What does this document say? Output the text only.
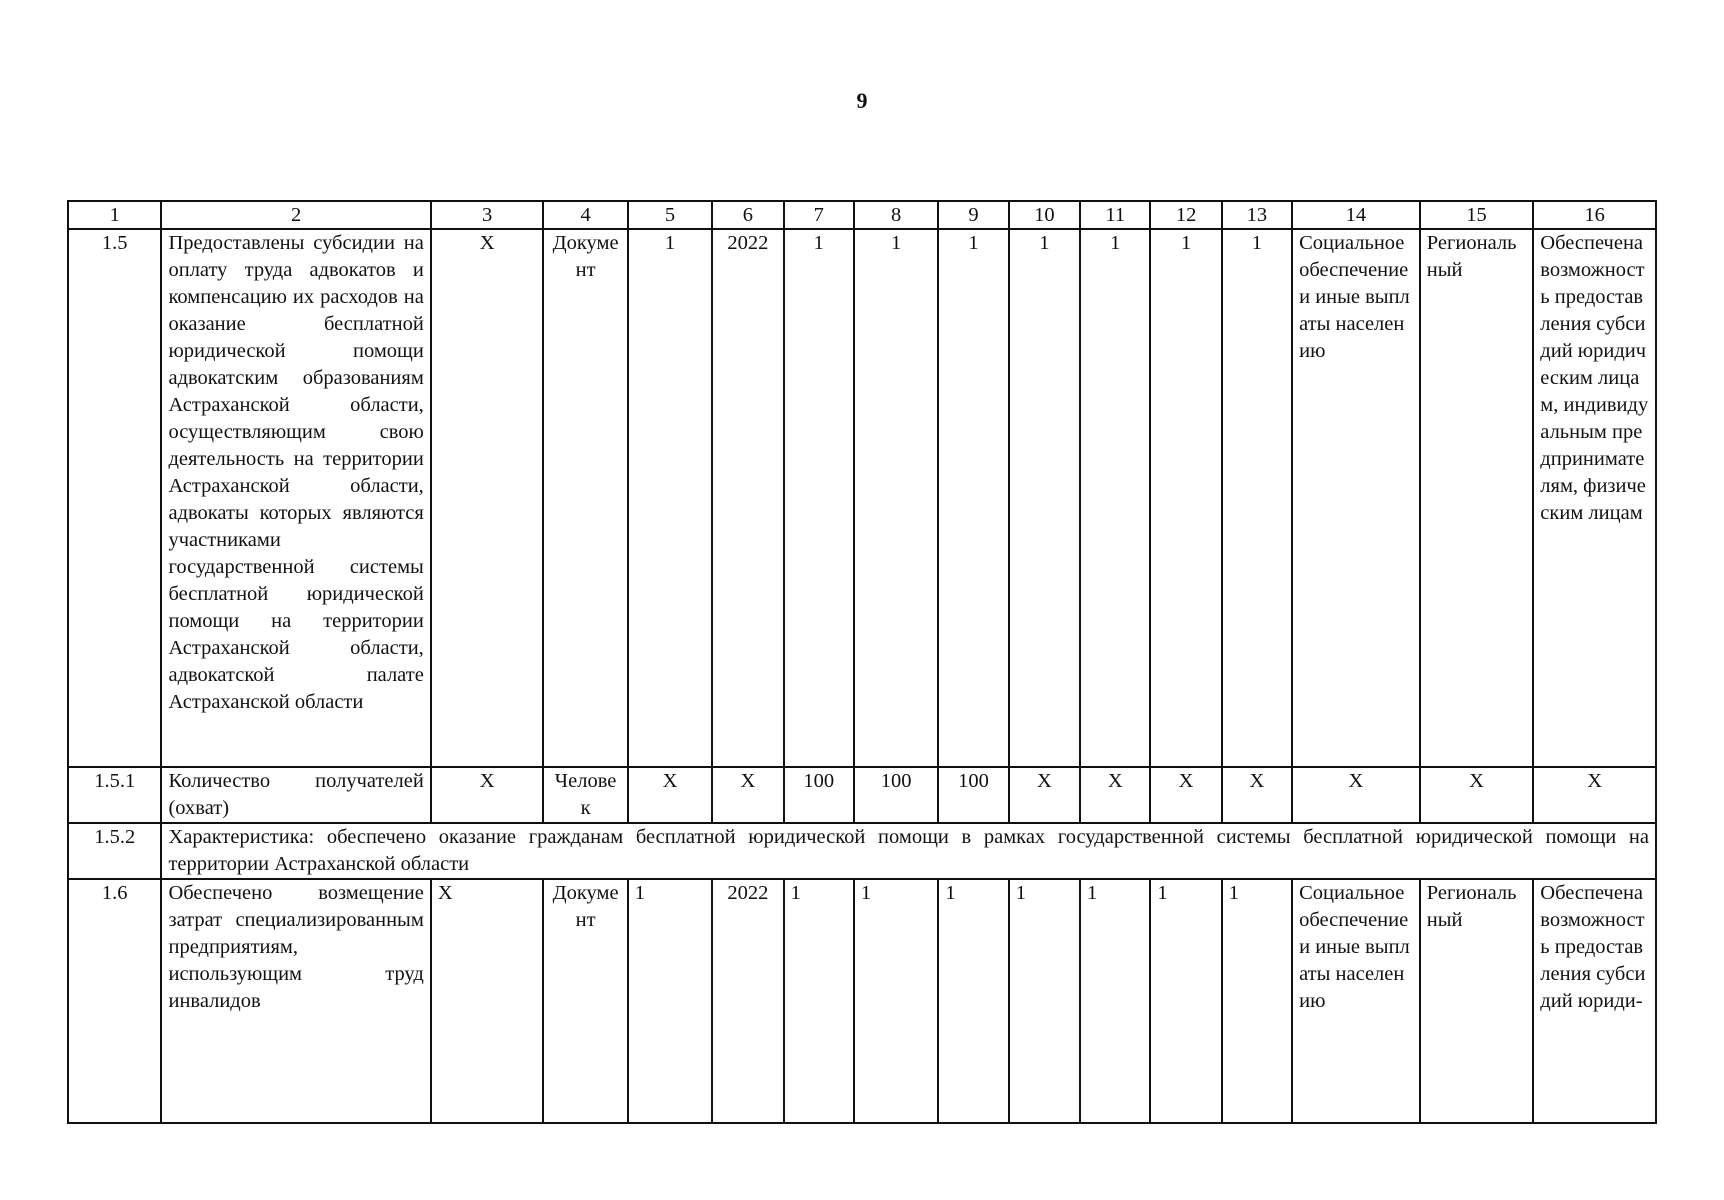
9
1	2	3	4	5	6	7	8	9	10	11	12	13	14	15	16
1.5	Предоставлены субсидии на оплату труда адвокатов и компенсацию их расходов на оказание бесплатной юридической помощи адвокатским образованиям Астраханской области, осуществляющим свою деятельность на территории Астраханской области, адвокаты которых являются участниками государственной системы бесплатной юридической помощи на территории Астраханской области, адвокатской палате Астраханской области	X	Документ	1	2022	1	1	1	1	1	1	1	Социальное обеспечение и иные выплаты населению	Региональный	Обеспечена возможность предоставления субсидий юридическим лицам, индивидуальным предпринимателям, физическим лицам
1.5.1	Количество получателей (охват)	X	Человек	X	X	100	100	100	X	X	X	X	X	X	X
1.5.2	Характеристика: обеспечено оказание гражданам бесплатной юридической помощи в рамках государственной системы бесплатной юридической помощи на территории Астраханской области														
1.6	Обеспечено возмещение затрат специализированным предприятиям, использующим труд инвалидов	X	Документ	1	2022	1	1	1	1	1	1	1	Социальное обеспечение и иные выплаты населению	Региональный	Обеспечена возможность предоставления субсидий юриди-
